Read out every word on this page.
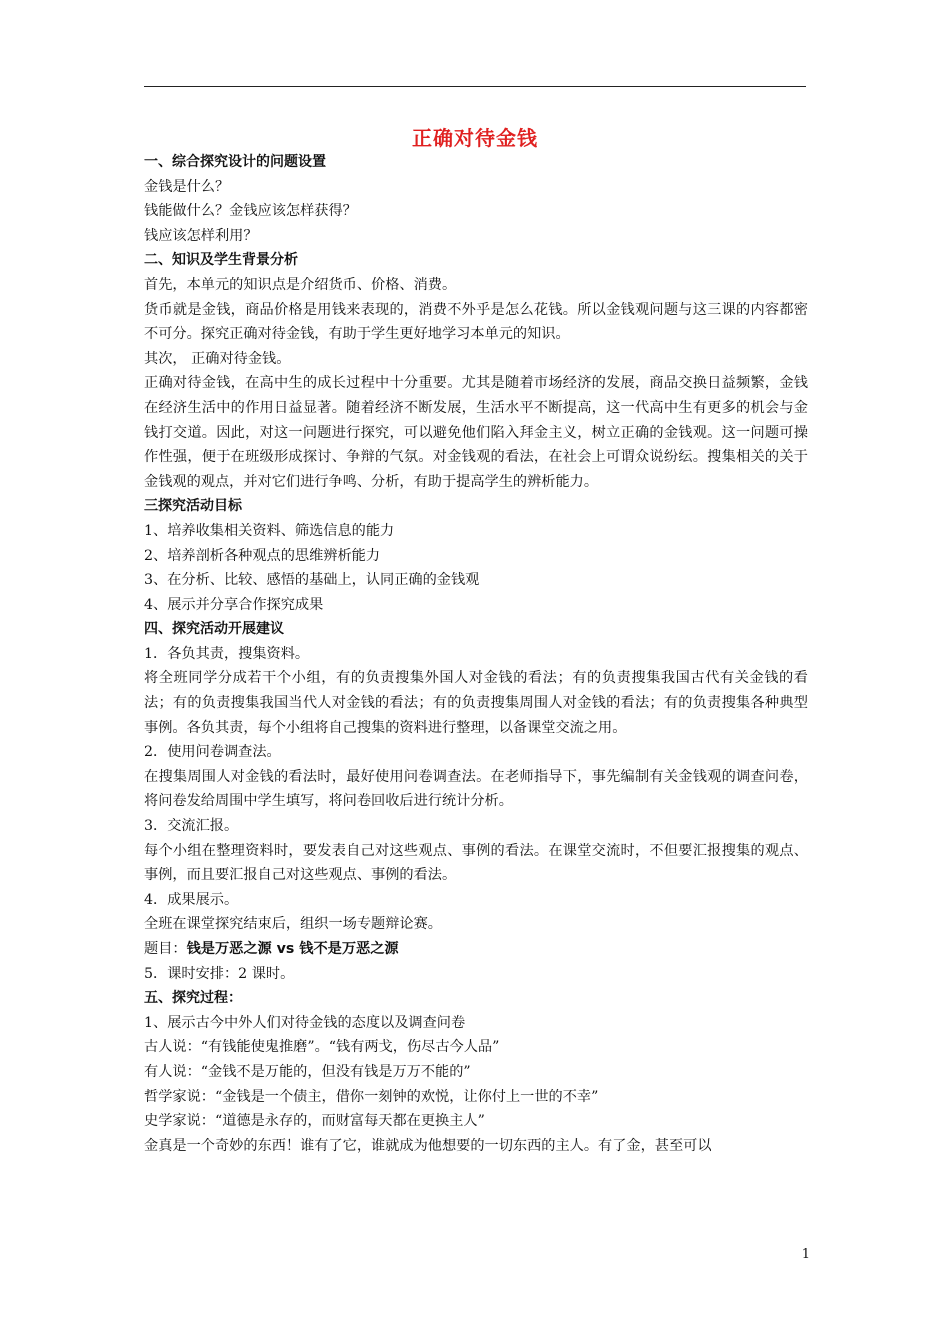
正确对待金钱

一、综合探究设计的问题设置

金钱是什么？

钱能做什么？金钱应该怎样获得？

钱应该怎样利用？

二、知识及学生背景分析

首先，本单元的知识点是介绍货币、价格、消费。

货币就是金钱，商品价格是用钱来表现的，消费不外乎是怎么花钱。所以金钱观问题与这三课的内容都密不可分。探究正确对待金钱，有助于学生更好地学习本单元的知识。

其次， 正确对待金钱。

正确对待金钱，在高中生的成长过程中十分重要。尤其是随着市场经济的发展，商品交换日益频繁，金钱在经济生活中的作用日益显著。随着经济不断发展，生活水平不断提高，这一代高中生有更多的机会与金钱打交道。因此，对这一问题进行探究，可以避免他们陷入拜金主义，树立正确的金钱观。这一问题可操作性强，便于在班级形成探讨、争辩的气氛。对金钱观的看法，在社会上可谓众说纷纭。搜集相关的关于金钱观的观点，并对它们进行争鸣、分析，有助于提高学生的辨析能力。

三探究活动目标

1、培养收集相关资料、筛选信息的能力

2、培养剖析各种观点的思维辨析能力

3、在分析、比较、感悟的基础上，认同正确的金钱观

4、展示并分享合作探究成果

四、探究活动开展建议

1．各负其责，搜集资料。

将全班同学分成若干个小组，有的负责搜集外国人对金钱的看法；有的负责搜集我国古代有关金钱的看法；有的负责搜集我国当代人对金钱的看法；有的负责搜集周围人对金钱的看法；有的负责搜集各种典型事例。各负其责，每个小组将自己搜集的资料进行整理，以备课堂交流之用。

2．使用问卷调查法。

在搜集周围人对金钱的看法时，最好使用问卷调查法。在老师指导下，事先编制有关金钱观的调查问卷，将问卷发给周围中学生填写，将问卷回收后进行统计分析。

3．交流汇报。

每个小组在整理资料时，要发表自己对这些观点、事例的看法。在课堂交流时，不但要汇报搜集的观点、事例，而且要汇报自己对这些观点、事例的看法。

4．成果展示。

全班在课堂探究结束后，组织一场专题辩论赛。

题目：钱是万恶之源 vs 钱不是万恶之源

5．课时安排：2 课时。

五、探究过程：

1、展示古今中外人们对待金钱的态度以及调查问卷

古人说：“有钱能使鬼推磨”。“钱有两戈，伤尽古今人品”

有人说：“金钱不是万能的，但没有钱是万万不能的”

哲学家说：“金钱是一个债主，借你一刻钟的欢悦，让你付上一世的不幸”

史学家说：“道德是永存的，而财富每天都在更换主人”

金真是一个奇妙的东西！谁有了它，谁就成为他想要的一切东西的主人。有了金，甚至可以

1
